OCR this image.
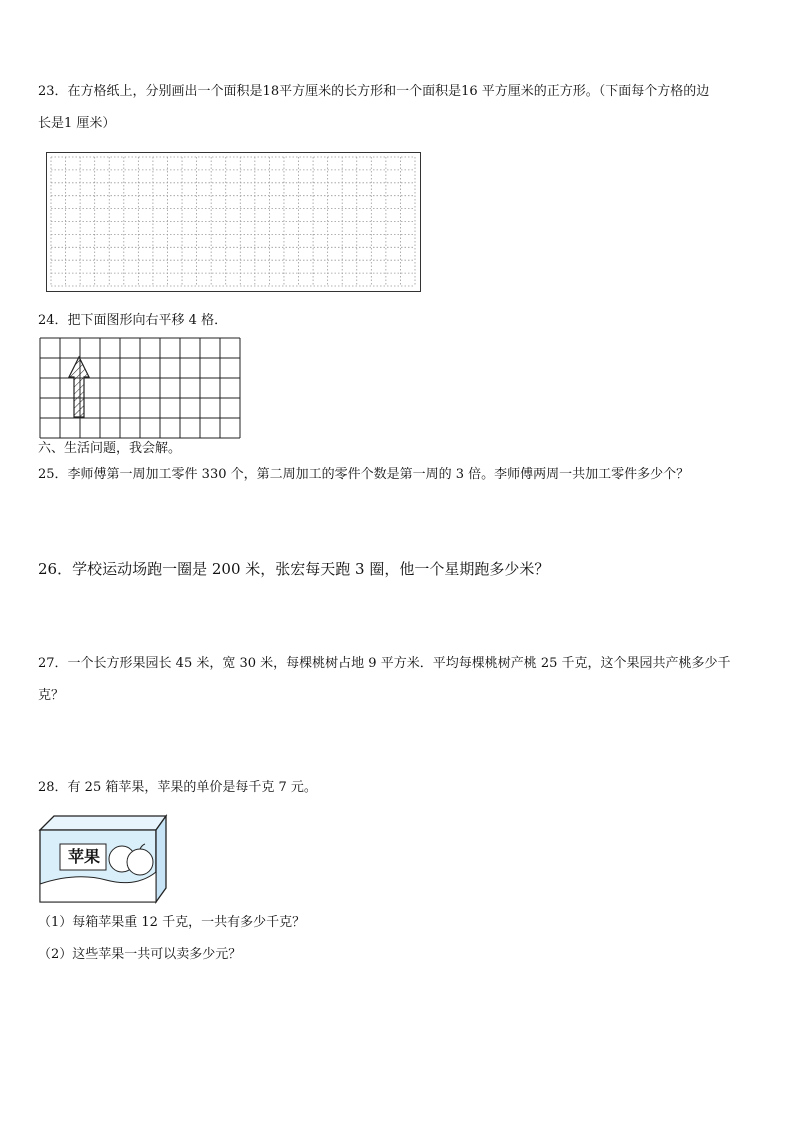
23．在方格纸上，分别画出一个面积是18平方厘米的长方形和一个面积是16 平方厘米的正方形。（下面每个方格的边
长是1 厘米）
24．把下面图形向右平移 4 格．
六、生活问题，我会解。
25．李师傅第一周加工零件 330 个，第二周加工的零件个数是第一周的 3 倍。李师傅两周一共加工零件多少个？
26．学校运动场跑一圈是 200 米，张宏每天跑 3 圈，他一个星期跑多少米？
27．一个长方形果园长 45 米，宽 30 米，每棵桃树占地 9 平方米．平均每棵桃树产桃 25 千克，这个果园共产桃多少千
克？
28．有 25 箱苹果，苹果的单价是每千克 7 元。
苹果
（1）每箱苹果重 12 千克，一共有多少千克？
（2）这些苹果一共可以卖多少元？
